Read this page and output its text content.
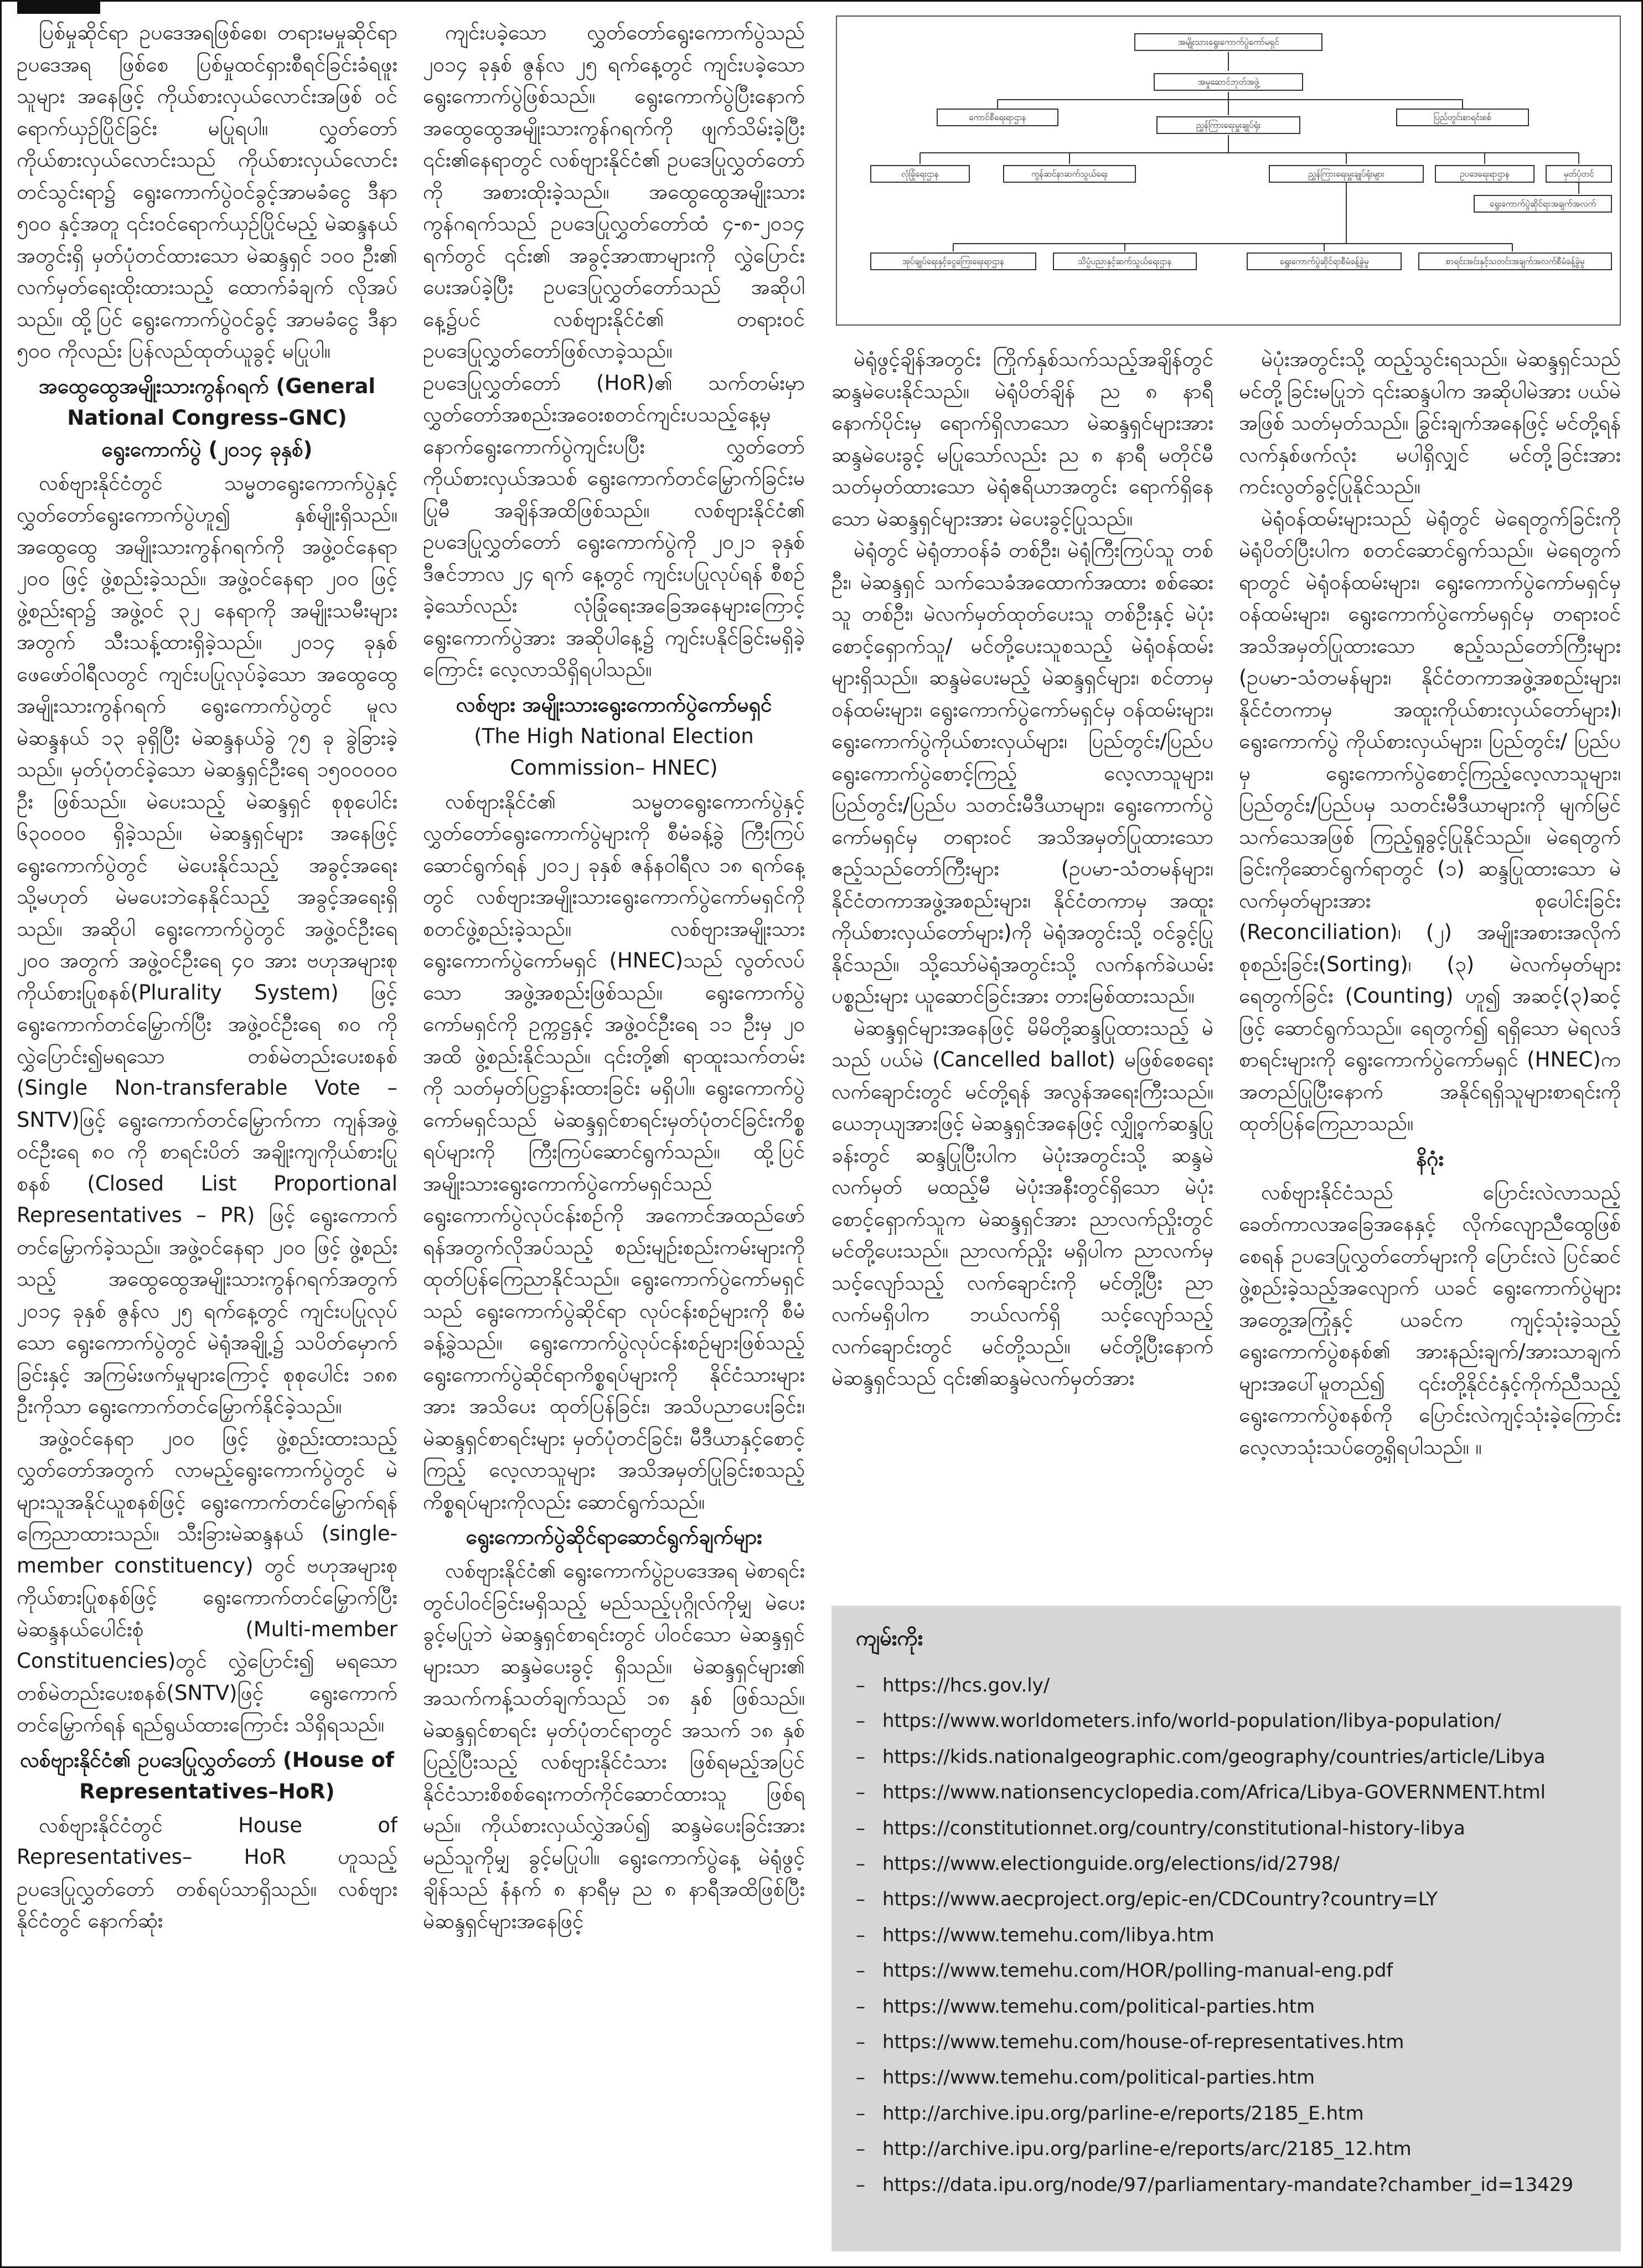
ပြစ်မှုဆိုင်ရာ ဥပဒေအရဖြစ်စေ၊ တရားမမှုဆိုင်ရာ ဥပဒေအရ ဖြစ်စေ ပြစ်မှုထင်ရှားစီရင်ခြင်းခံရဖူးသူများ အနေဖြင့် ကိုယ်စားလှယ်လောင်းအဖြစ် ဝင်ရောက်ယှဉ်ပြိုင်ခြင်း မပြုရပါ။ လွှတ်တော်ကိုယ်စားလှယ်လောင်းသည် ကိုယ်စားလှယ်လောင်းတင်သွင်းရာ၌ ရွေးကောက်ပွဲဝင်ခွင့်အာမခံငွေ ဒီနာ ၅၀၀ နှင့်အတူ ၎င်းဝင်ရောက်ယှဉ်ပြိုင်မည့် မဲဆန္ဒနယ်အတွင်းရှိ မှတ်ပုံတင်ထားသော မဲဆန္ဒရှင် ၁၀၀ ဦး၏ လက်မှတ်ရေးထိုးထားသည့် ထောက်ခံချက် လိုအပ်သည်။ ထို့ပြင် ရွေးကောက်ပွဲဝင်ခွင့် အာမခံငွေ ဒီနာ ၅၀၀ ကိုလည်း ပြန်လည်ထုတ်ယူခွင့် မပြုပါ။

အထွေထွေအမျိုးသားကွန်ဂရက် (General National Congress–GNC) ရွေးကောက်ပွဲ (၂၀၁၄ ခုနှစ်)

လစ်ဗျားနိုင်ငံတွင် သမ္မတရွေးကောက်ပွဲနှင့် လွှတ်တော်ရွေးကောက်ပွဲဟူ၍ နှစ်မျိုးရှိသည်။ အထွေထွေ အမျိုးသားကွန်ဂရက်ကို အဖွဲ့ဝင်နေရာ ၂၀၀ ဖြင့် ဖွဲ့စည်းခဲ့သည်။ အဖွဲ့ဝင်နေရာ ၂၀၀ ဖြင့် ဖွဲ့စည်းရာ၌ အဖွဲ့ဝင် ၃၂ နေရာကို အမျိုးသမီးများအတွက် သီးသန့်ထားရှိခဲ့သည်။ ၂၀၁၄ ခုနှစ် ဖေဖော်ဝါရီလတွင် ကျင်းပပြုလုပ်ခဲ့သော အထွေထွေအမျိုးသားကွန်ဂရက် ရွေးကောက်ပွဲတွင် မူလမဲဆန္ဒနယ် ၁၃ ခုရှိပြီး မဲဆန္ဒနယ်ခွဲ ၇၅ ခု ခွဲခြားခဲ့သည်။ မှတ်ပုံတင်ခဲ့သော မဲဆန္ဒရှင်ဦးရေ ၁၅၀၀၀၀၀ ဦး ဖြစ်သည်။ မဲပေးသည့် မဲဆန္ဒရှင် စုစုပေါင်း ၆၃၀၀၀၀ ရှိခဲ့သည်။ မဲဆန္ဒရှင်များ အနေဖြင့် ရွေးကောက်ပွဲတွင် မဲပေးနိုင်သည့် အခွင့်အရေး သို့မဟုတ် မဲမပေးဘဲနေနိုင်သည့် အခွင့်အရေးရှိသည်။ အဆိုပါ ရွေးကောက်ပွဲတွင် အဖွဲ့ဝင်ဦးရေ ၂၀၀ အတွက် အဖွဲ့ဝင်ဦးရေ ၄၀ အား ဗဟုအများစု ကိုယ်စားပြုစနစ်(Plurality System) ဖြင့် ရွေးကောက်တင်မြှောက်ပြီး အဖွဲ့ဝင်ဦးရေ ၈၀ ကို လွှဲပြောင်း၍မရသော တစ်မဲတည်းပေးစနစ် (Single Non-transferable Vote – SNTV)ဖြင့် ရွေးကောက်တင်မြှောက်ကာ ကျန်အဖွဲ့ဝင်ဦးရေ ၈၀ ကို စာရင်းပိတ် အချိုးကျကိုယ်စားပြုစနစ် (Closed List Proportional Representatives – PR) ဖြင့် ရွေးကောက်တင်မြှောက်ခဲ့သည်။ အဖွဲ့ဝင်နေရာ ၂၀၀ ဖြင့် ဖွဲ့စည်းသည့် အထွေထွေအမျိုးသားကွန်ဂရက်အတွက် ၂၀၁၄ ခုနှစ် ဇွန်လ ၂၅ ရက်နေ့တွင် ကျင်းပပြုလုပ်သော ရွေးကောက်ပွဲတွင် မဲရုံအချို့၌ သပိတ်မှောက်ခြင်းနှင့် အကြမ်းဖက်မှုများကြောင့် စုစုပေါင်း ၁၈၈ ဦးကိုသာ ရွေးကောက်တင်မြှောက်နိုင်ခဲ့သည်။

အဖွဲ့ဝင်နေရာ ၂၀၀ ဖြင့် ဖွဲ့စည်းထားသည့် လွှတ်တော်အတွက် လာမည့်ရွေးကောက်ပွဲတွင် မဲများသူအနိုင်ယူစနစ်ဖြင့် ရွေးကောက်တင်မြှောက်ရန် ကြေညာထားသည်။ သီးခြားမဲဆန္ဒနယ် (single-member constituency) တွင် ဗဟုအများစုကိုယ်စားပြုစနစ်ဖြင့် ရွေးကောက်တင်မြှောက်ပြီး မဲဆန္ဒနယ်ပေါင်းစုံ (Multi-member Constituencies)တွင် လွှဲပြောင်း၍ မရသော တစ်မဲတည်းပေးစနစ်(SNTV)ဖြင့် ရွေးကောက်တင်မြှောက်ရန် ရည်ရွယ်ထားကြောင်း သိရှိရသည်။

လစ်ဗျားနိုင်ငံ၏ ဥပဒေပြုလွှတ်တော် (House of Representatives–HoR)

လစ်ဗျားနိုင်ငံတွင် House of Representatives– HoR ဟူသည့် ဥပဒေပြုလွှတ်တော် တစ်ရပ်သာရှိသည်။ လစ်ဗျားနိုင်ငံတွင် နောက်ဆုံး

ကျင်းပခဲ့သော လွှတ်တော်ရွေးကောက်ပွဲသည် ၂၀၁၄ ခုနှစ် ဇွန်လ ၂၅ ရက်နေ့တွင် ကျင်းပခဲ့သော ရွေးကောက်ပွဲဖြစ်သည်။ ရွေးကောက်ပွဲပြီးနောက် အထွေထွေအမျိုးသားကွန်ဂရက်ကို ဖျက်သိမ်းခဲ့ပြီး ၎င်း၏နေရာတွင် လစ်ဗျားနိုင်ငံ၏ ဥပဒေပြုလွှတ်တော်ကို အစားထိုးခဲ့သည်။ အထွေထွေအမျိုးသားကွန်ဂရက်သည် ဥပဒေပြုလွှတ်တော်ထံ ၄-၈-၂၀၁၄ ရက်တွင် ၎င်း၏ အခွင့်အာဏာများကို လွှဲပြောင်းပေးအပ်ခဲ့ပြီး ဥပဒေပြုလွှတ်တော်သည် အဆိုပါနေ့၌ပင် လစ်ဗျားနိုင်ငံ၏ တရားဝင် ဥပဒေပြုလွှတ်တော်ဖြစ်လာခဲ့သည်။ ဥပဒေပြုလွှတ်တော် (HoR)၏ သက်တမ်းမှာ လွှတ်တော်အစည်းအဝေးစတင်ကျင်းပသည့်နေ့မှ နောက်ရွေးကောက်ပွဲကျင်းပပြီး လွှတ်တော်ကိုယ်စားလှယ်အသစ် ရွေးကောက်တင်မြှောက်ခြင်းမပြုမီ အချိန်အထိဖြစ်သည်။ လစ်ဗျားနိုင်ငံ၏ ဥပဒေပြုလွှတ်တော် ရွေးကောက်ပွဲကို ၂၀၂၁ ခုနှစ် ဒီဇင်ဘာလ ၂၄ ရက် နေ့တွင် ကျင်းပပြုလုပ်ရန် စီစဉ်ခဲ့သော်လည်း လုံခြုံရေးအခြေအနေများကြောင့် ရွေးကောက်ပွဲအား အဆိုပါနေ့၌ ကျင်းပနိုင်ခြင်းမရှိခဲ့ကြောင်း လေ့လာသိရှိရပါသည်။

လစ်ဗျား အမျိုးသားရွေးကောက်ပွဲကော်မရှင်
(The High National Election Commission– HNEC)

လစ်ဗျားနိုင်ငံ၏ သမ္မတရွေးကောက်ပွဲနှင့် လွှတ်တော်ရွေးကောက်ပွဲများကို စီမံခန့်ခွဲ ကြီးကြပ်ဆောင်ရွက်ရန် ၂၀၁၂ ခုနှစ် ဇန်နဝါရီလ ၁၈ ရက်နေ့တွင် လစ်ဗျားအမျိုးသားရွေးကောက်ပွဲကော်မရှင်ကို စတင်ဖွဲ့စည်းခဲ့သည်။ လစ်ဗျားအမျိုးသားရွေးကောက်ပွဲကော်မရှင် (HNEC)သည် လွတ်လပ်သော အဖွဲ့အစည်းဖြစ်သည်။ ရွေးကောက်ပွဲကော်မရှင်ကို ဥက္ကဋ္ဌနှင့် အဖွဲ့ဝင်ဦးရေ ၁၁ ဦးမှ ၂၀ အထိ ဖွဲ့စည်းနိုင်သည်။ ၎င်းတို့၏ ရာထူးသက်တမ်းကို သတ်မှတ်ပြဋ္ဌာန်းထားခြင်း မရှိပါ။ ရွေးကောက်ပွဲကော်မရှင်သည် မဲဆန္ဒရှင်စာရင်းမှတ်ပုံတင်ခြင်းကိစ္စရပ်များကို ကြီးကြပ်ဆောင်ရွက်သည်။ ထို့ပြင် အမျိုးသားရွေးကောက်ပွဲကော်မရှင်သည် ရွေးကောက်ပွဲလုပ်ငန်းစဉ်ကို အကောင်အထည်ဖော်ရန်အတွက်လိုအပ်သည့် စည်းမျဉ်းစည်းကမ်းများကို ထုတ်ပြန်ကြေညာနိုင်သည်။ ရွေးကောက်ပွဲကော်မရှင်သည် ရွေးကောက်ပွဲဆိုင်ရာ လုပ်ငန်းစဉ်များကို စီမံခန့်ခွဲသည်။ ရွေးကောက်ပွဲလုပ်ငန်းစဉ်များဖြစ်သည့် ရွေးကောက်ပွဲဆိုင်ရာကိစ္စရပ်များကို နိုင်ငံသားများအား အသိပေး ထုတ်ပြန်ခြင်း၊ အသိပညာပေးခြင်း၊ မဲဆန္ဒရှင်စာရင်းများ မှတ်ပုံတင်ခြင်း၊ မီဒီယာနှင့်စောင့်ကြည့် လေ့လာသူများ အသိအမှတ်ပြုခြင်းစသည့် ကိစ္စရပ်များကိုလည်း ဆောင်ရွက်သည်။

ရွေးကောက်ပွဲဆိုင်ရာဆောင်ရွက်ချက်များ

လစ်ဗျားနိုင်ငံ၏ ရွေးကောက်ပွဲဥပဒေအရ မဲစာရင်းတွင်ပါဝင်ခြင်းမရှိသည့် မည်သည့်ပုဂ္ဂိုလ်ကိုမျှ မဲပေးခွင့်မပြုဘဲ မဲဆန္ဒရှင်စာရင်းတွင် ပါဝင်သော မဲဆန္ဒရှင်များသာ ဆန္ဒမဲပေးခွင့် ရှိသည်။ မဲဆန္ဒရှင်များ၏ အသက်ကန့်သတ်ချက်သည် ၁၈ နှစ် ဖြစ်သည်။ မဲဆန္ဒရှင်စာရင်း မှတ်ပုံတင်ရာတွင် အသက် ၁၈ နှစ် ပြည့်ပြီးသည့် လစ်ဗျားနိုင်ငံသား ဖြစ်ရမည့်အပြင် နိုင်ငံသားစိစစ်ရေးကတ်ကိုင်ဆောင်ထားသူ ဖြစ်ရမည်။ ကိုယ်စားလှယ်လွှဲအပ်၍ ဆန္ဒမဲပေးခြင်းအား မည်သူကိုမျှ ခွင့်မပြုပါ။ ရွေးကောက်ပွဲနေ့ မဲရုံဖွင့်ချိန်သည် နံနက် ၈ နာရီမှ ည ၈ နာရီအထိဖြစ်ပြီး မဲဆန္ဒရှင်များအနေဖြင့်

အမျိုးသားရွေးကောက်ပွဲကော်မရှင်
အမှုဆောင်ဘုတ်အဖွဲ့
ကောင်စီရေးရာဌာန
ညွှန်ကြားရေးမှူးချုပ်ရုံး
ပြည်တွင်းစာရင်းစစ်
လုံခြုံရေးဌာန	ကွန်ဆင်နာဆက်သွယ်ရေး	ညွှန်ကြားရေးမှူးချုပ်ရုံးများ	ဥပဒေရေးရာဌာန	မှတ်ပုံတင်
ရွေးကောက်ပွဲဆိုင်ရာအချက်အလက်
အုပ်ချုပ်ရေးနှင့်ငွေကြေးရေးရာဌာန	သိပ္ပံပညာနှင့်ဆက်သွယ်ရေးဌာန	ရွေးကောက်ပွဲဆိုင်ရာစီမံခန့်ခွဲမှု	စာရင်းအင်းနှင့်သတင်းအချက်အလက်စီမံခန့်ခွဲမှု

မဲရုံဖွင့်ချိန်အတွင်း ကြိုက်နှစ်သက်သည့်အချိန်တွင် ဆန္ဒမဲပေးနိုင်သည်။ မဲရုံပိတ်ချိန် ည ၈ နာရီ နောက်ပိုင်းမှ ရောက်ရှိလာသော မဲဆန္ဒရှင်များအား ဆန္ဒမဲပေးခွင့် မပြုသော်လည်း ည ၈ နာရီ မတိုင်မီ သတ်မှတ်ထားသော မဲရုံဧရိယာအတွင်း ရောက်ရှိနေသော မဲဆန္ဒရှင်များအား မဲပေးခွင့်ပြုသည်။

မဲရုံတွင် မဲရုံတာဝန်ခံ တစ်ဦး၊ မဲရုံကြီးကြပ်သူ တစ်ဦး၊ မဲဆန္ဒရှင် သက်သေခံအထောက်အထား စစ်ဆေးသူ တစ်ဦး၊ မဲလက်မှတ်ထုတ်ပေးသူ တစ်ဦးနှင့် မဲပုံးစောင့်ရှောက်သူ/ မင်တို့ပေးသူစသည့် မဲရုံဝန်ထမ်းများရှိသည်။ ဆန္ဒမဲပေးမည့် မဲဆန္ဒရှင်များ၊ စင်တာမှဝန်ထမ်းများ၊ ရွေးကောက်ပွဲကော်မရှင်မှ ဝန်ထမ်းများ၊ ရွေးကောက်ပွဲကိုယ်စားလှယ်များ၊ ပြည်တွင်း/ပြည်ပ ရွေးကောက်ပွဲစောင့်ကြည့် လေ့လာသူများ၊ ပြည်တွင်း/ပြည်ပ သတင်းမီဒီယာများ၊ ရွေးကောက်ပွဲကော်မရှင်မှ တရားဝင် အသိအမှတ်ပြုထားသော ဧည့်သည်တော်ကြီးများ (ဥပမာ-သံတမန်များ၊ နိုင်ငံတကာအဖွဲ့အစည်းများ၊ နိုင်ငံတကာမှ အထူးကိုယ်စားလှယ်တော်များ)ကို မဲရုံအတွင်းသို့ ဝင်ခွင့်ပြုနိုင်သည်။ သို့သော်မဲရုံအတွင်းသို့ လက်နက်ခဲယမ်းပစ္စည်းများ ယူဆောင်ခြင်းအား တားမြစ်ထားသည်။

မဲဆန္ဒရှင်များအနေဖြင့် မိမိတို့ဆန္ဒပြုထားသည့် မဲသည် ပယ်မဲ (Cancelled ballot) မဖြစ်စေရေး လက်ချောင်းတွင် မင်တို့ရန် အလွန်အရေးကြီးသည်။ ယေဘုယျအားဖြင့် မဲဆန္ဒရှင်အနေဖြင့် လျှို့ဝှက်ဆန္ဒပြုခန်းတွင် ဆန္ဒပြုပြီးပါက မဲပုံးအတွင်းသို့ ဆန္ဒမဲလက်မှတ် မထည့်မီ မဲပုံးအနီးတွင်ရှိသော မဲပုံးစောင့်ရှောက်သူက မဲဆန္ဒရှင်အား ညာလက်ညှိုးတွင် မင်တို့ပေးသည်။ ညာလက်ညှိုး မရှိပါက ညာလက်မှ သင့်လျော်သည့် လက်ချောင်းကို မင်တို့ပြီး ညာလက်မရှိပါက ဘယ်လက်ရှိ သင့်လျော်သည့် လက်ချောင်းတွင် မင်တို့သည်။ မင်တို့ပြီးနောက် မဲဆန္ဒရှင်သည် ၎င်း၏ဆန္ဒမဲလက်မှတ်အား

မဲပုံးအတွင်းသို့ ထည့်သွင်းရသည်။ မဲဆန္ဒရှင်သည် မင်တို့ခြင်းမပြုဘဲ ၎င်းဆန္ဒပါက အဆိုပါမဲအား ပယ်မဲအဖြစ် သတ်မှတ်သည်။ ခြွင်းချက်အနေဖြင့် မင်တို့ရန် လက်နှစ်ဖက်လုံး မပါရှိလျှင် မင်တို့ခြင်းအား ကင်းလွတ်ခွင့်ပြုနိုင်သည်။

မဲရုံဝန်ထမ်းများသည် မဲရုံတွင် မဲရေတွက်ခြင်းကို မဲရုံပိတ်ပြီးပါက စတင်ဆောင်ရွက်သည်။ မဲရေတွက်ရာတွင် မဲရုံဝန်ထမ်းများ၊ ရွေးကောက်ပွဲကော်မရှင်မှ ဝန်ထမ်းများ၊ ရွေးကောက်ပွဲကော်မရှင်မှ တရားဝင် အသိအမှတ်ပြုထားသော ဧည့်သည်တော်ကြီးများ (ဥပမာ-သံတမန်များ၊ နိုင်ငံတကာအဖွဲ့အစည်းများ၊ နိုင်ငံတကာမှ အထူးကိုယ်စားလှယ်တော်များ)၊ ရွေးကောက်ပွဲ ကိုယ်စားလှယ်များ၊ ပြည်တွင်း/ ပြည်ပမှ ရွေးကောက်ပွဲစောင့်ကြည့်လေ့လာသူများ၊ ပြည်တွင်း/ပြည်ပမှ သတင်းမီဒီယာများကို မျက်မြင် သက်သေအဖြစ် ကြည့်ရှုခွင့်ပြုနိုင်သည်။ မဲရေတွက်ခြင်းကိုဆောင်ရွက်ရာတွင် (၁) ဆန္ဒပြုထားသော မဲလက်မှတ်များအား စုပေါင်းခြင်း (Reconciliation)၊ (၂) အမျိုးအစားအလိုက် စုစည်းခြင်း(Sorting)၊ (၃) မဲလက်မှတ်များ ရေတွက်ခြင်း (Counting) ဟူ၍ အဆင့်(၃)ဆင့်ဖြင့် ဆောင်ရွက်သည်။ ရေတွက်၍ ရရှိသော မဲရလဒ်စာရင်းများကို ရွေးကောက်ပွဲကော်မရှင် (HNEC)က အတည်ပြုပြီးနောက် အနိုင်ရရှိသူများစာရင်းကို ထုတ်ပြန်ကြေညာသည်။

နိဂုံး

လစ်ဗျားနိုင်ငံသည် ပြောင်းလဲလာသည့် ခေတ်ကာလအခြေအနေနှင့် လိုက်လျောညီထွေဖြစ်စေရန် ဥပဒေပြုလွှတ်တော်များကို ပြောင်းလဲ ပြင်ဆင်ဖွဲ့စည်းခဲ့သည့်အလျောက် ယခင် ရွေးကောက်ပွဲများ အတွေ့အကြုံနှင့် ယခင်က ကျင့်သုံးခဲ့သည့် ရွေးကောက်ပွဲစနစ်၏ အားနည်းချက်/အားသာချက်များအပေါ်မူတည်၍ ၎င်းတို့နိုင်ငံနှင့်ကိုက်ညီသည့် ရွေးကောက်ပွဲစနစ်ကို ပြောင်းလဲကျင့်သုံးခဲ့ကြောင်း လေ့လာသုံးသပ်တွေ့ရှိရပါသည်။ ။

ကျမ်းကိုး
– https://hcs.gov.ly/
– https://www.worldometers.info/world-population/libya-population/
– https://kids.nationalgeographic.com/geography/countries/article/Libya
– https://www.nationsencyclopedia.com/Africa/Libya-GOVERNMENT.html
– https://constitutionnet.org/country/constitutional-history-libya
– https://www.electionguide.org/elections/id/2798/
– https://www.aecproject.org/epic-en/CDCountry?country=LY
– https://www.temehu.com/libya.htm
– https://www.temehu.com/HOR/polling-manual-eng.pdf
– https://www.temehu.com/political-parties.htm
– https://www.temehu.com/house-of-representatives.htm
– https://www.temehu.com/political-parties.htm
– http://archive.ipu.org/parline-e/reports/2185_E.htm
– http://archive.ipu.org/parline-e/reports/arc/2185_12.htm
– https://data.ipu.org/node/97/parliamentary-mandate?chamber_id=13429
